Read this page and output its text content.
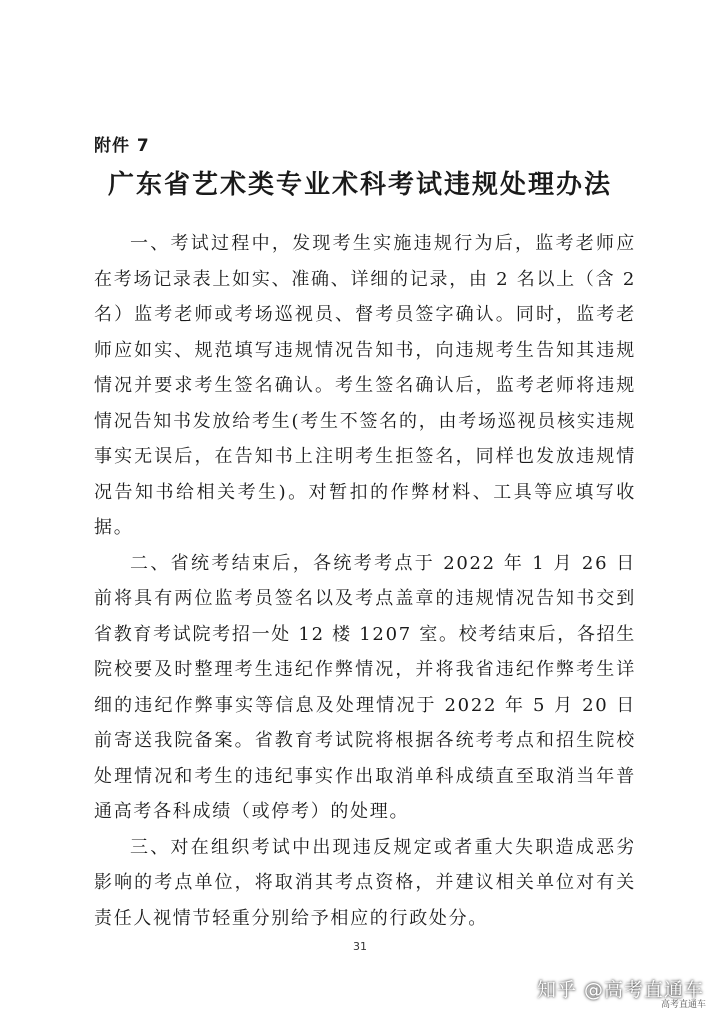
附件 7
广东省艺术类专业术科考试违规处理办法

一、考试过程中，发现考生实施违规行为后，监考老师应在考场记录表上如实、准确、详细的记录，由 2 名以上（含 2 名）监考老师或考场巡视员、督考员签字确认。同时，监考老师应如实、规范填写违规情况告知书，向违规考生告知其违规情况并要求考生签名确认。考生签名确认后，监考老师将违规情况告知书发放给考生(考生不签名的，由考场巡视员核实违规事实无误后，在告知书上注明考生拒签名，同样也发放违规情况告知书给相关考生)。对暂扣的作弊材料、工具等应填写收据。

二、省统考结束后，各统考考点于 2022 年 1 月 26 日前将具有两位监考员签名以及考点盖章的违规情况告知书交到省教育考试院考招一处 12 楼 1207 室。校考结束后，各招生院校要及时整理考生违纪作弊情况，并将我省违纪作弊考生详细的违纪作弊事实等信息及处理情况于 2022 年 5 月 20 日前寄送我院备案。省教育考试院将根据各统考考点和招生院校处理情况和考生的违纪事实作出取消单科成绩直至取消当年普通高考各科成绩（或停考）的处理。

三、对在组织考试中出现违反规定或者重大失职造成恶劣影响的考点单位，将取消其考点资格，并建议相关单位对有关责任人视情节轻重分别给予相应的行政处分。

31
知乎 @高考直通车
高考直通车
